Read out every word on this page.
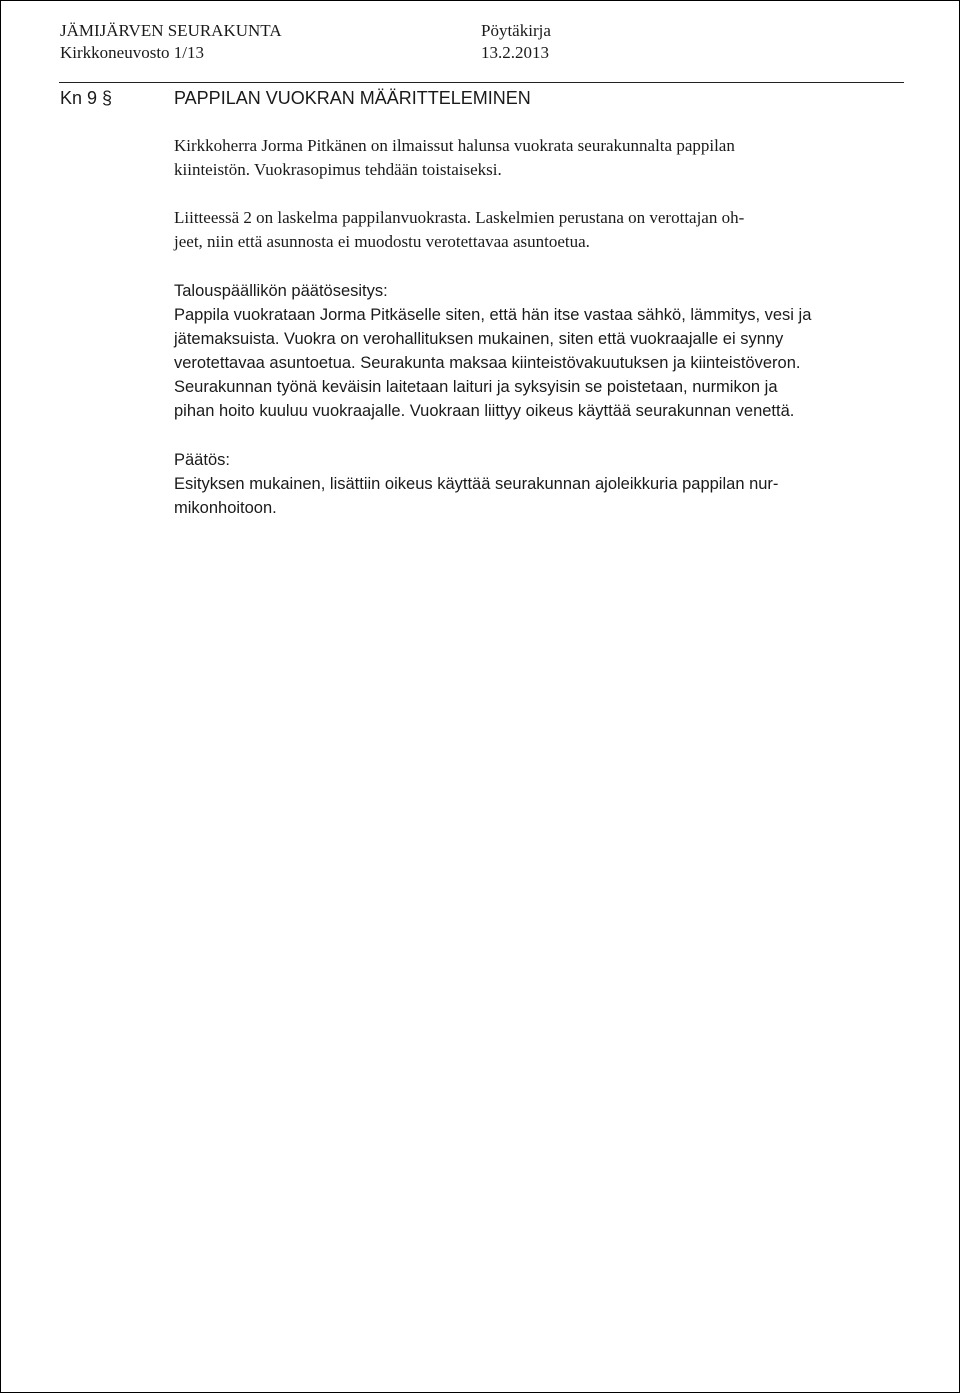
JÄMIJÄRVEN SEURAKUNTA	Pöytäkirja
Kirkkoneuvosto 1/13	13.2.2013
Kn 9 §	PAPPILAN VUOKRAN MÄÄRITTELEMINEN
Kirkkoherra Jorma Pitkänen on ilmaissut halunsa vuokrata seurakunnalta pappilan
kiinteistön. Vuokrasopimus tehdään toistaiseksi.
Liitteessä 2 on laskelma pappilanvuokrasta. Laskelmien perustana on verottajan oh-
jeet, niin että asunnosta ei muodostu verotettavaa asuntoetua.
Talouspäällikön päätösesitys:
Pappila vuokrataan Jorma Pitkäselle siten, että hän itse vastaa sähkö, lämmitys, vesi ja
jätemaksuista. Vuokra on verohallituksen mukainen, siten että vuokraajalle ei synny
verotettavaa asuntoetua. Seurakunta maksaa kiinteistövakuutuksen ja kiinteistöveron.
Seurakunnan työnä keväisin laitetaan laituri ja syksyisin se poistetaan, nurmikon ja
pihan hoito kuuluu vuokraajalle. Vuokraan liittyy oikeus käyttää seurakunnan venettä.
Päätös:
Esityksen mukainen, lisättiin oikeus käyttää seurakunnan ajoleikkuria pappilan nur-
mikonhoitoon.
